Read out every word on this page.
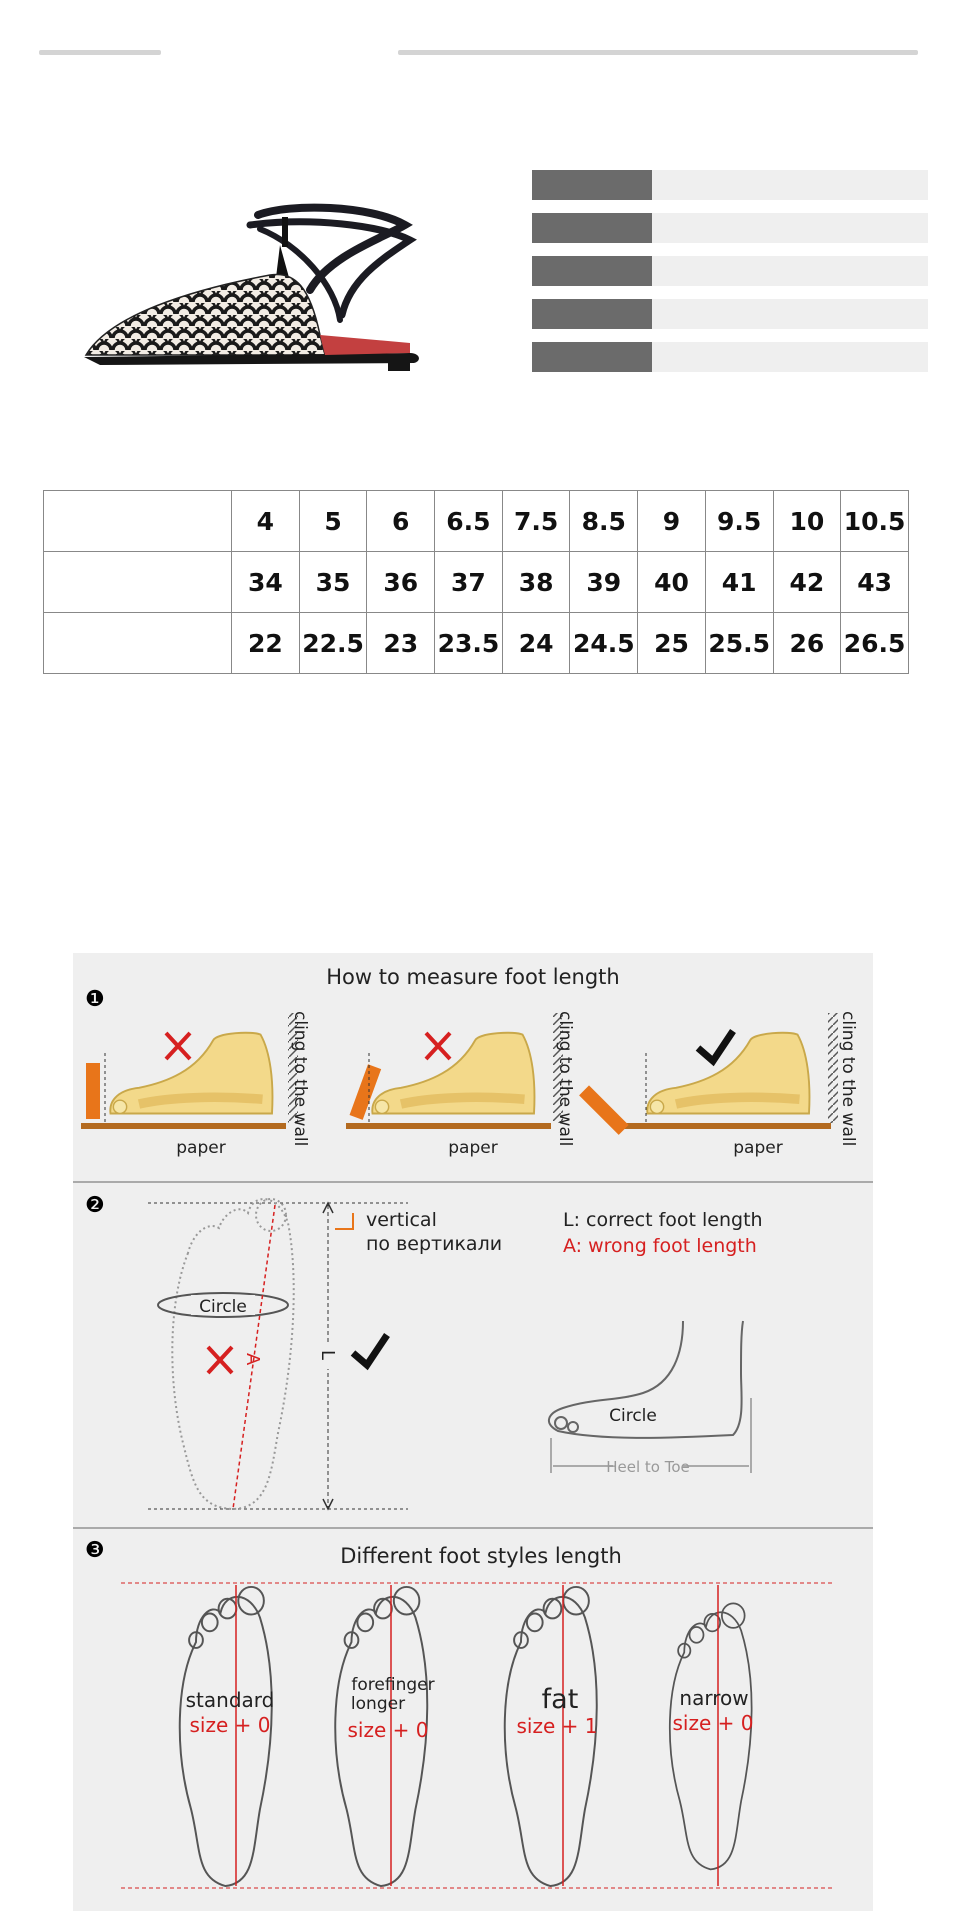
	4	5	6	6.5	7.5	8.5	9	9.5	10	10.5
	34	35	36	37	38	39	40	41	42	43
	22	22.5	23	23.5	24	24.5	25	25.5	26	26.5
❶
How to measure foot length
paper
cling to the wall
paper
cling to the wall
paper
cling to the wall
❷
Circle
A	L
vertical
по вертикали
L: correct foot length
A: wrong foot length
Circle
Heel to Toe
❸	Different foot styles length
standard
size + 0
forefinger
longer
size + 0
fat
size + 1
narrow
size + 0
